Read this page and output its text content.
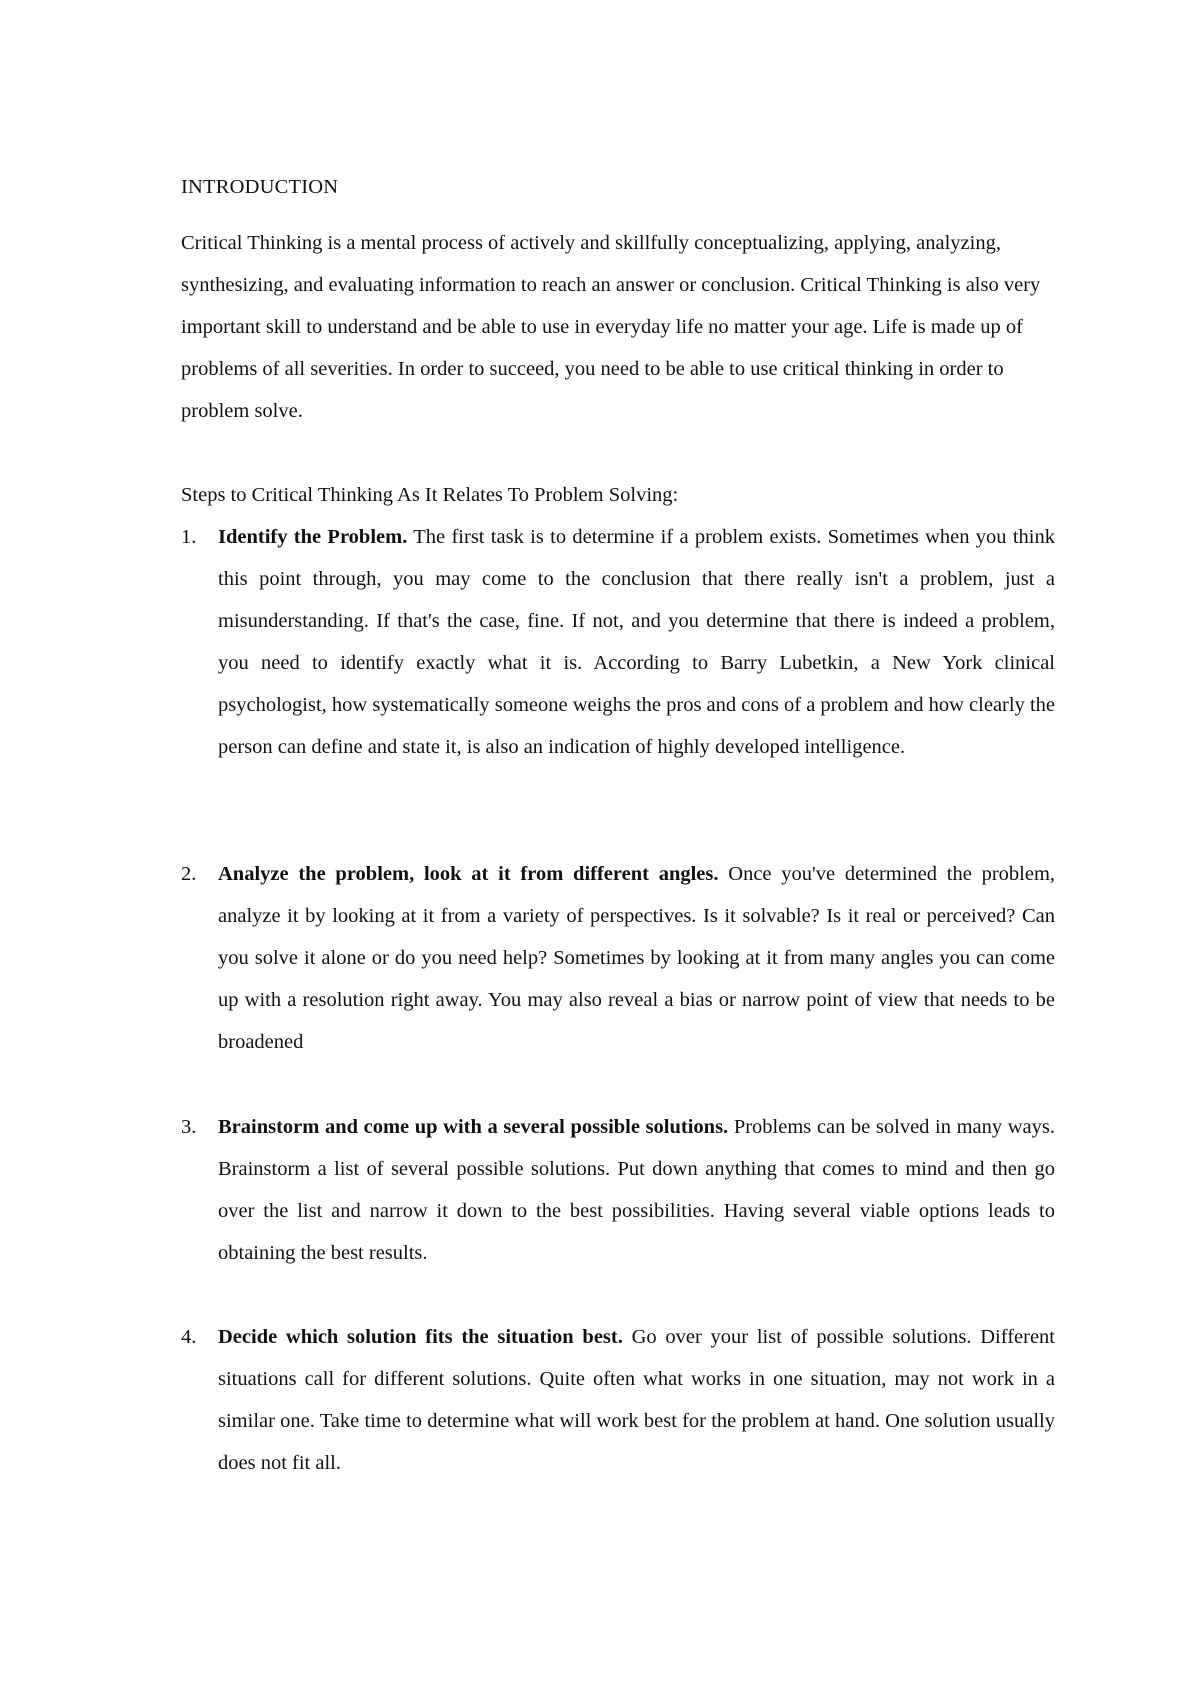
INTRODUCTION

Critical Thinking is a mental process of actively and skillfully conceptualizing, applying, analyzing, synthesizing, and evaluating information to reach an answer or conclusion. Critical Thinking is also very important skill to understand and be able to use in everyday life no matter your age. Life is made up of problems of all severities. In order to succeed, you need to be able to use critical thinking in order to problem solve.

Steps to Critical Thinking As It Relates To Problem Solving:

1.	Identify the Problem. The first task is to determine if a problem exists. Sometimes when you think this point through, you may come to the conclusion that there really isn't a problem, just a misunderstanding. If that's the case, fine. If not, and you determine that there is indeed a problem, you need to identify exactly what it is. According to Barry Lubetkin, a New York clinical psychologist, how systematically someone weighs the pros and cons of a problem and how clearly the person can define and state it, is also an indication of highly developed intelligence.
2.	Analyze the problem, look at it from different angles. Once you've determined the problem, analyze it by looking at it from a variety of perspectives. Is it solvable? Is it real or perceived? Can you solve it alone or do you need help? Sometimes by looking at it from many angles you can come up with a resolution right away. You may also reveal a bias or narrow point of view that needs to be broadened
3.	Brainstorm and come up with a several possible solutions. Problems can be solved in many ways. Brainstorm a list of several possible solutions. Put down anything that comes to mind and then go over the list and narrow it down to the best possibilities. Having several viable options leads to obtaining the best results.
4.	Decide which solution fits the situation best. Go over your list of possible solutions. Different situations call for different solutions. Quite often what works in one situation, may not work in a similar one. Take time to determine what will work best for the problem at hand. One solution usually does not fit all.
